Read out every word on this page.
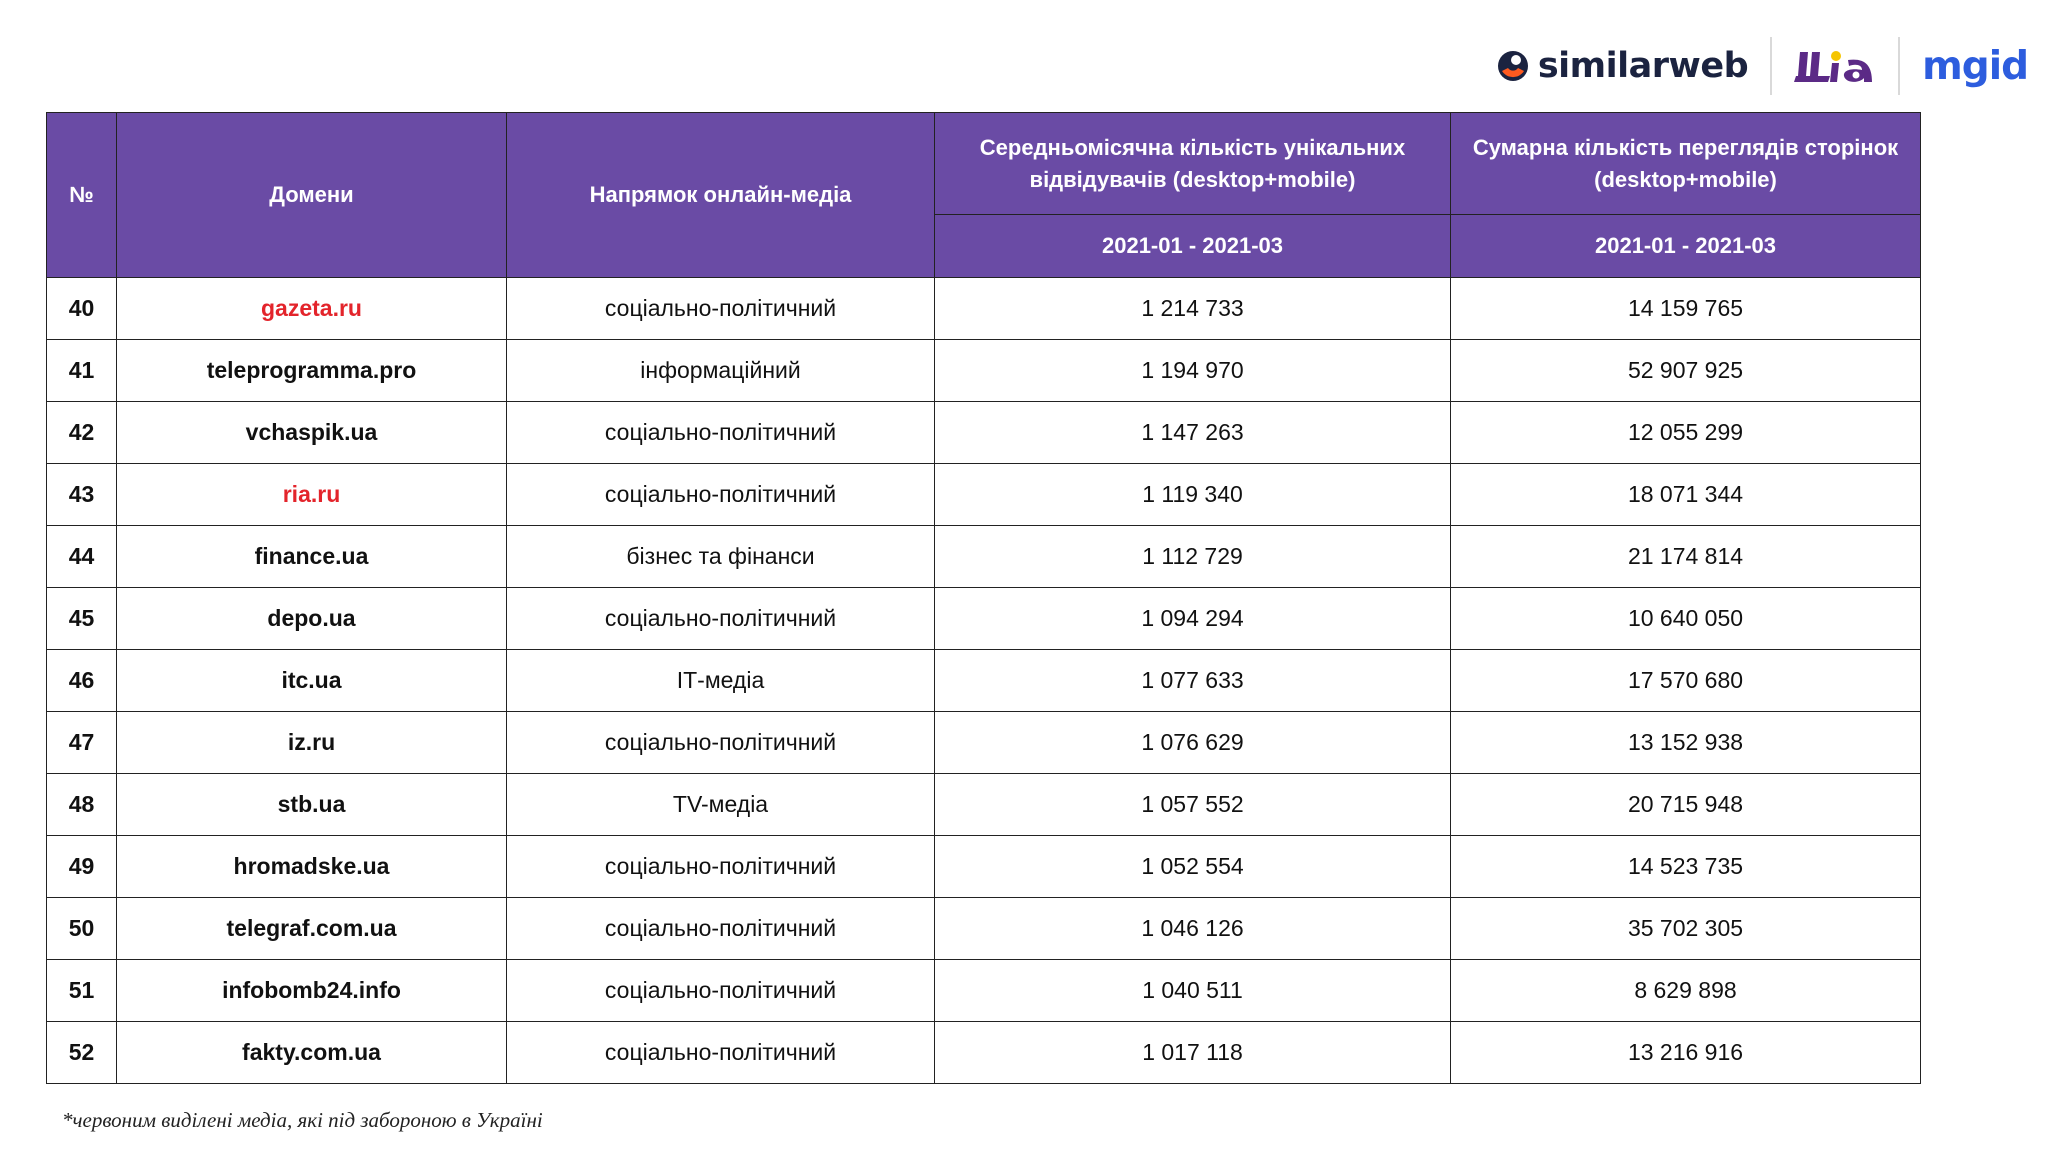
similarweb	mgid
№	Домени	Напрямок онлайн-медіа	Середньомісячна кількість унікальних відвідувачів (desktop+mobile)	Сумарна кількість переглядів сторінок (desktop+mobile)
			2021-01 - 2021-03	2021-01 - 2021-03
40	gazeta.ru	соціально-політичний	1 214 733	14 159 765
41	teleprogramma.pro	інформаційний	1 194 970	52 907 925
42	vchaspik.ua	соціально-політичний	1 147 263	12 055 299
43	ria.ru	соціально-політичний	1 119 340	18 071 344
44	finance.ua	бізнес та фінанси	1 112 729	21 174 814
45	depo.ua	соціально-політичний	1 094 294	10 640 050
46	itc.ua	ІТ-медіа	1 077 633	17 570 680
47	iz.ru	соціально-політичний	1 076 629	13 152 938
48	stb.ua	TV-медіа	1 057 552	20 715 948
49	hromadske.ua	соціально-політичний	1 052 554	14 523 735
50	telegraf.com.ua	соціально-політичний	1 046 126	35 702 305
51	infobomb24.info	соціально-політичний	1 040 511	8 629 898
52	fakty.com.ua	соціально-політичний	1 017 118	13 216 916
*червоним виділені медіа, які під забороною в Україні
